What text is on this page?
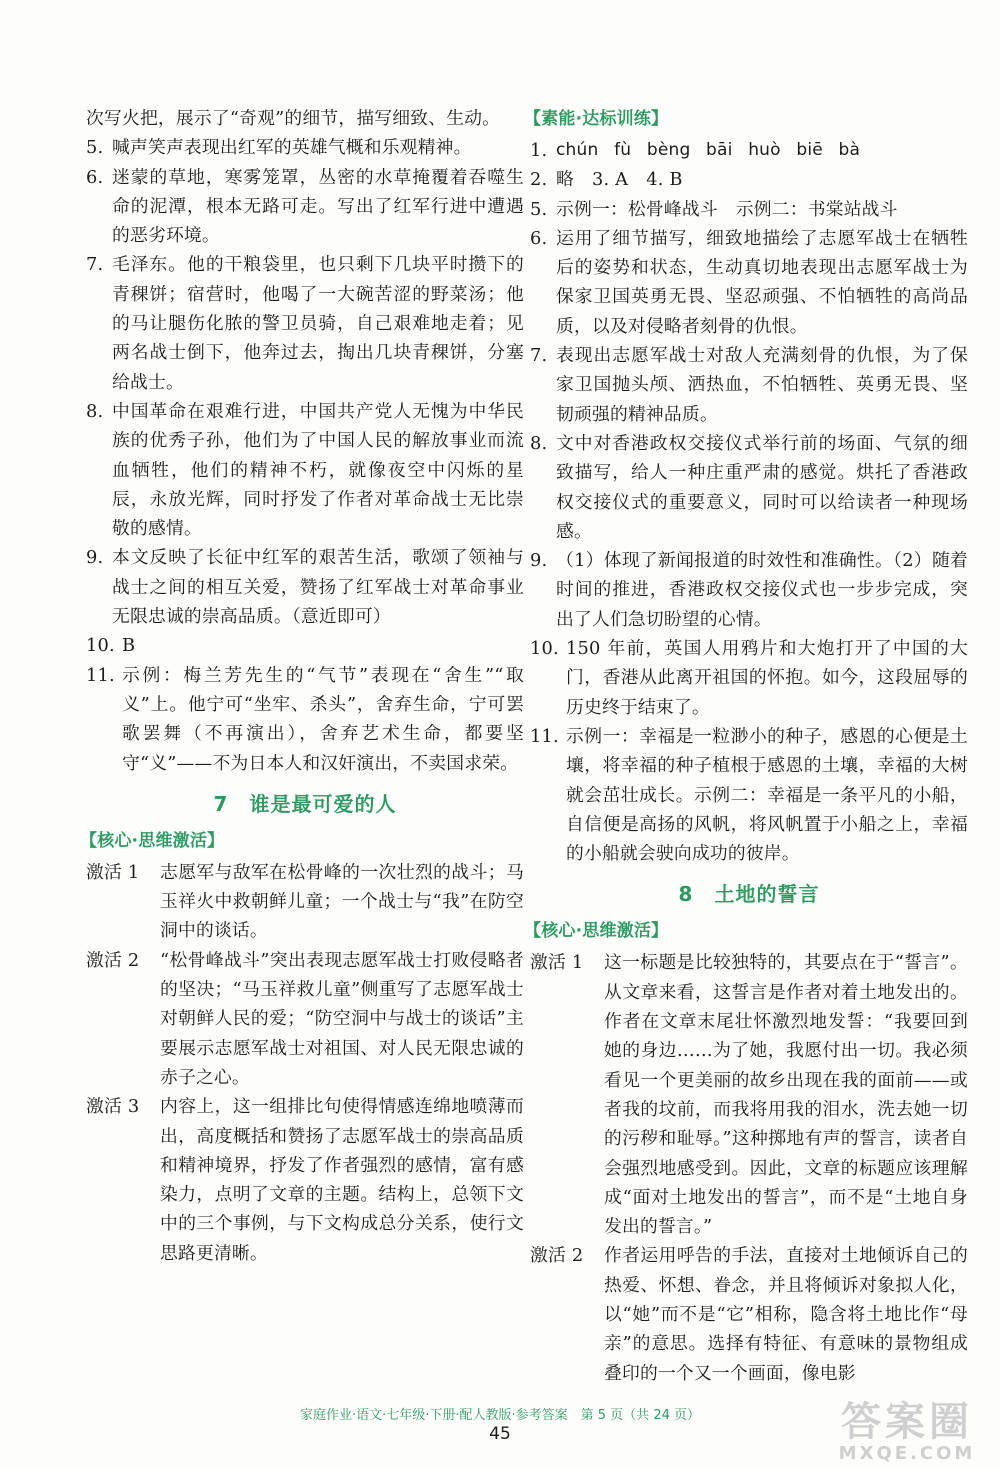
次写火把，展示了“奇观”的细节，描写细致、生动。

5. 喊声笑声表现出红军的英雄气概和乐观精神。
6. 迷蒙的草地，寒雾笼罩，丛密的水草掩覆着吞噬生命的泥潭，根本无路可走。写出了红军行进中遭遇的恶劣环境。
7. 毛泽东。他的干粮袋里，也只剩下几块平时攒下的青稞饼；宿营时，他喝了一大碗苦涩的野菜汤；他的马让腿伤化脓的警卫员骑，自己艰难地走着；见两名战士倒下，他奔过去，掏出几块青稞饼，分塞给战士。
8. 中国革命在艰难行进，中国共产党人无愧为中华民族的优秀子孙，他们为了中国人民的解放事业而流血牺牲，他们的精神不朽，就像夜空中闪烁的星辰，永放光辉，同时抒发了作者对革命战士无比崇敬的感情。
9. 本文反映了长征中红军的艰苦生活，歌颂了领袖与战士之间的相互关爱，赞扬了红军战士对革命事业无限忠诚的崇高品质。（意近即可）
10. B
11. 示例：梅兰芳先生的“气节”表现在“舍生”“取义”上。他宁可“坐牢、杀头”，舍弃生命，宁可罢歌罢舞（不再演出），舍弃艺术生命，都要坚守“义”——不为日本人和汉奸演出，不卖国求荣。
7　谁是最可爱的人
【核心·思维激活】
激活 1	志愿军与敌军在松骨峰的一次壮烈的战斗；马玉祥火中救朝鲜儿童；一个战士与“我”在防空洞中的谈话。
激活 2	“松骨峰战斗”突出表现志愿军战士打败侵略者的坚决；“马玉祥救儿童”侧重写了志愿军战士对朝鲜人民的爱；“防空洞中与战士的谈话”主要展示志愿军战士对祖国、对人民无限忠诚的赤子之心。
激活 3	内容上，这一组排比句使得情感连绵地喷薄而出，高度概括和赞扬了志愿军战士的崇高品质和精神境界，抒发了作者强烈的感情，富有感染力，点明了文章的主题。结构上，总领下文中的三个事例，与下文构成总分关系，使行文思路更清晰。
【素能·达标训练】
1. chún fù bèng bāi huò biē bà
2. 略　3. A　4. B
5. 示例一：松骨峰战斗　示例二：书棠站战斗
6. 运用了细节描写，细致地描绘了志愿军战士在牺牲后的姿势和状态，生动真切地表现出志愿军战士为保家卫国英勇无畏、坚忍顽强、不怕牺牲的高尚品质，以及对侵略者刻骨的仇恨。
7. 表现出志愿军战士对敌人充满刻骨的仇恨，为了保家卫国抛头颅、洒热血，不怕牺牲、英勇无畏、坚韧顽强的精神品质。
8. 文中对香港政权交接仪式举行前的场面、气氛的细致描写，给人一种庄重严肃的感觉。烘托了香港政权交接仪式的重要意义，同时可以给读者一种现场感。
9. （1）体现了新闻报道的时效性和准确性。（2）随着时间的推进，香港政权交接仪式也一步步完成，突出了人们急切盼望的心情。
10. 150 年前，英国人用鸦片和大炮打开了中国的大门，香港从此离开祖国的怀抱。如今，这段屈辱的历史终于结束了。
11. 示例一：幸福是一粒渺小的种子，感恩的心便是土壤，将幸福的种子植根于感恩的土壤，幸福的大树就会茁壮成长。示例二：幸福是一条平凡的小船，自信便是高扬的风帆，将风帆置于小船之上，幸福的小船就会驶向成功的彼岸。
8　土地的誓言
【核心·思维激活】
激活 1	这一标题是比较独特的，其要点在于“誓言”。从文章来看，这誓言是作者对着土地发出的。作者在文章末尾壮怀激烈地发誓：“我要回到她的身边……为了她，我愿付出一切。我必须看见一个更美丽的故乡出现在我的面前——或者我的坟前，而我将用我的泪水，洗去她一切的污秽和耻辱。”这种掷地有声的誓言，读者自会强烈地感受到。因此，文章的标题应该理解成“面对土地发出的誓言”，而不是“土地自身发出的誓言。”
激活 2	作者运用呼告的手法，直接对土地倾诉自己的热爱、怀想、眷念，并且将倾诉对象拟人化，以“她”而不是“它”相称，隐含将土地比作“母亲”的意思。选择有特征、有意味的景物组成叠印的一个又一个画面，像电影
家庭作业·语文·七年级·下册·配人教版·参考答案　第 5 页（共 24 页）
45	答案圈
MXQE.COM
